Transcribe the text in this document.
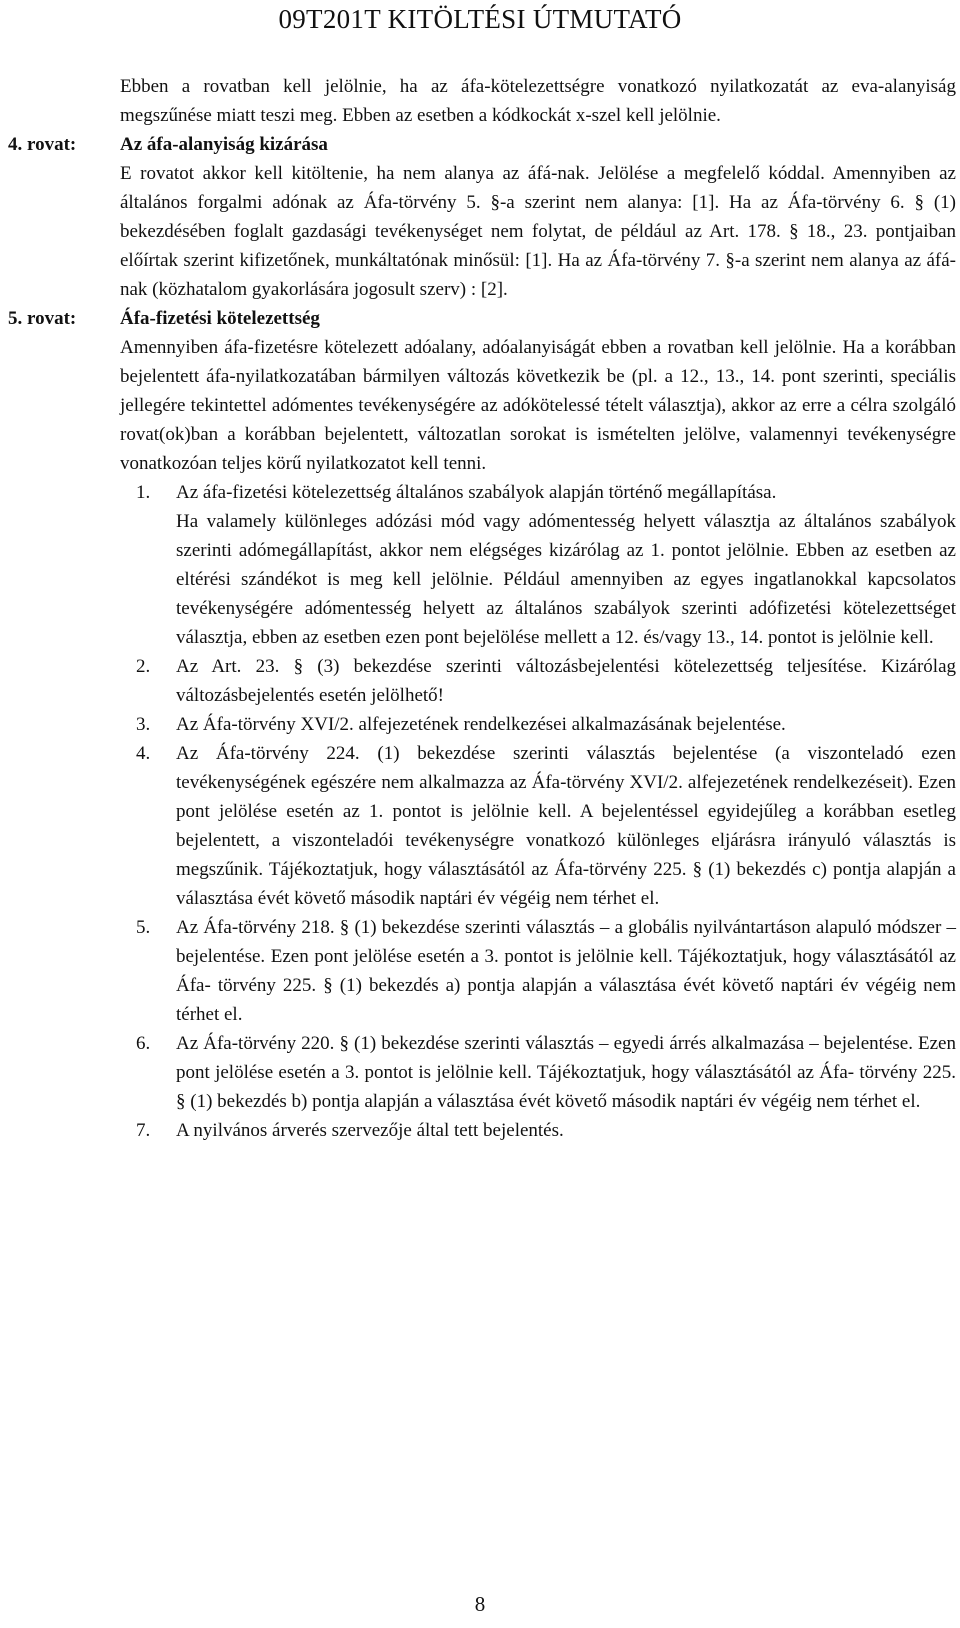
09T201T KITÖLTÉSI ÚTMUTATÓ
Ebben a rovatban kell jelölnie, ha az áfa-kötelezettségre vonatkozó nyilatkozatát az eva-alanyiság megszűnése miatt teszi meg. Ebben az esetben a kódkockát x-szel kell jelölnie.
4. rovat: Az áfa-alanyiság kizárása
E rovatot akkor kell kitöltenie, ha nem alanya az áfá-nak. Jelölése a megfelelő kóddal. Amennyiben az általános forgalmi adónak az Áfa-törvény 5. §-a szerint nem alanya: [1]. Ha az Áfa-törvény 6. § (1) bekezdésében foglalt gazdasági tevékenységet nem folytat, de például az Art. 178. § 18., 23. pontjaiban előírtak szerint kifizetőnek, munkáltatónak minősül: [1]. Ha az Áfa-törvény 7. §-a szerint nem alanya az áfá-nak (közhatalom gyakorlására jogosult szerv) : [2].
5. rovat: Áfa-fizetési kötelezettség
Amennyiben áfa-fizetésre kötelezett adóalany, adóalanyiságát ebben a rovatban kell jelölnie. Ha a korábban bejelentett áfa-nyilatkozatában bármilyen változás következik be (pl. a 12., 13., 14. pont szerinti, speciális jellegére tekintettel adómentes tevékenységére az adókötelessé tételt választja), akkor az erre a célra szolgáló rovat(ok)ban a korábban bejelentett, változatlan sorokat is ismételten jelölve, valamennyi tevékenységre vonatkozóan teljes körű nyilatkozatot kell tenni.
1.	Az áfa-fizetési kötelezettség általános szabályok alapján történő megállapítása.

Ha valamely különleges adózási mód vagy adómentesség helyett választja az általános szabályok szerinti adómegállapítást, akkor nem elégséges kizárólag az 1. pontot jelölnie. Ebben az esetben az eltérési szándékot is meg kell jelölnie. Például amennyiben az egyes ingatlanokkal kapcsolatos tevékenységére adómentesség helyett az általános szabályok szerinti adófizetési kötelezettséget választja, ebben az esetben ezen pont bejelölése mellett a 12. és/vagy 13., 14. pontot is jelölnie kell.

2.	Az Art. 23. § (3) bekezdése szerinti változásbejelentési kötelezettség teljesítése. Kizárólag változásbejelentés esetén jelölhető!

3.	Az Áfa-törvény XVI/2. alfejezetének rendelkezései alkalmazásának bejelentése.

4.	Az Áfa-törvény 224. (1) bekezdése szerinti választás bejelentése (a viszonteladó ezen tevékenységének egészére nem alkalmazza az Áfa-törvény XVI/2. alfejezetének rendelkezéseit). Ezen pont jelölése esetén az 1. pontot is jelölnie kell. A bejelentéssel egyidejűleg a korábban esetleg bejelentett, a viszonteladói tevékenységre vonatkozó különleges eljárásra irányuló választás is megszűnik. Tájékoztatjuk, hogy választásától az Áfa-törvény 225. § (1) bekezdés c) pontja alapján a választása évét követő második naptári év végéig nem térhet el.

5.	Az Áfa-törvény 218. § (1) bekezdése szerinti választás – a globális nyilvántartáson alapuló módszer – bejelentése. Ezen pont jelölése esetén a 3. pontot is jelölnie kell. Tájékoztatjuk, hogy választásától az Áfa- törvény 225. § (1) bekezdés a) pontja alapján a választása évét követő naptári év végéig nem térhet el.

6.	Az Áfa-törvény 220. § (1) bekezdése szerinti választás – egyedi árrés alkalmazása – bejelentése. Ezen pont jelölése esetén a 3. pontot is jelölnie kell. Tájékoztatjuk, hogy választásától az Áfa- törvény 225. § (1) bekezdés b) pontja alapján a választása évét követő második naptári év végéig nem térhet el.

7.	A nyilvános árverés szervezője által tett bejelentés.

8
